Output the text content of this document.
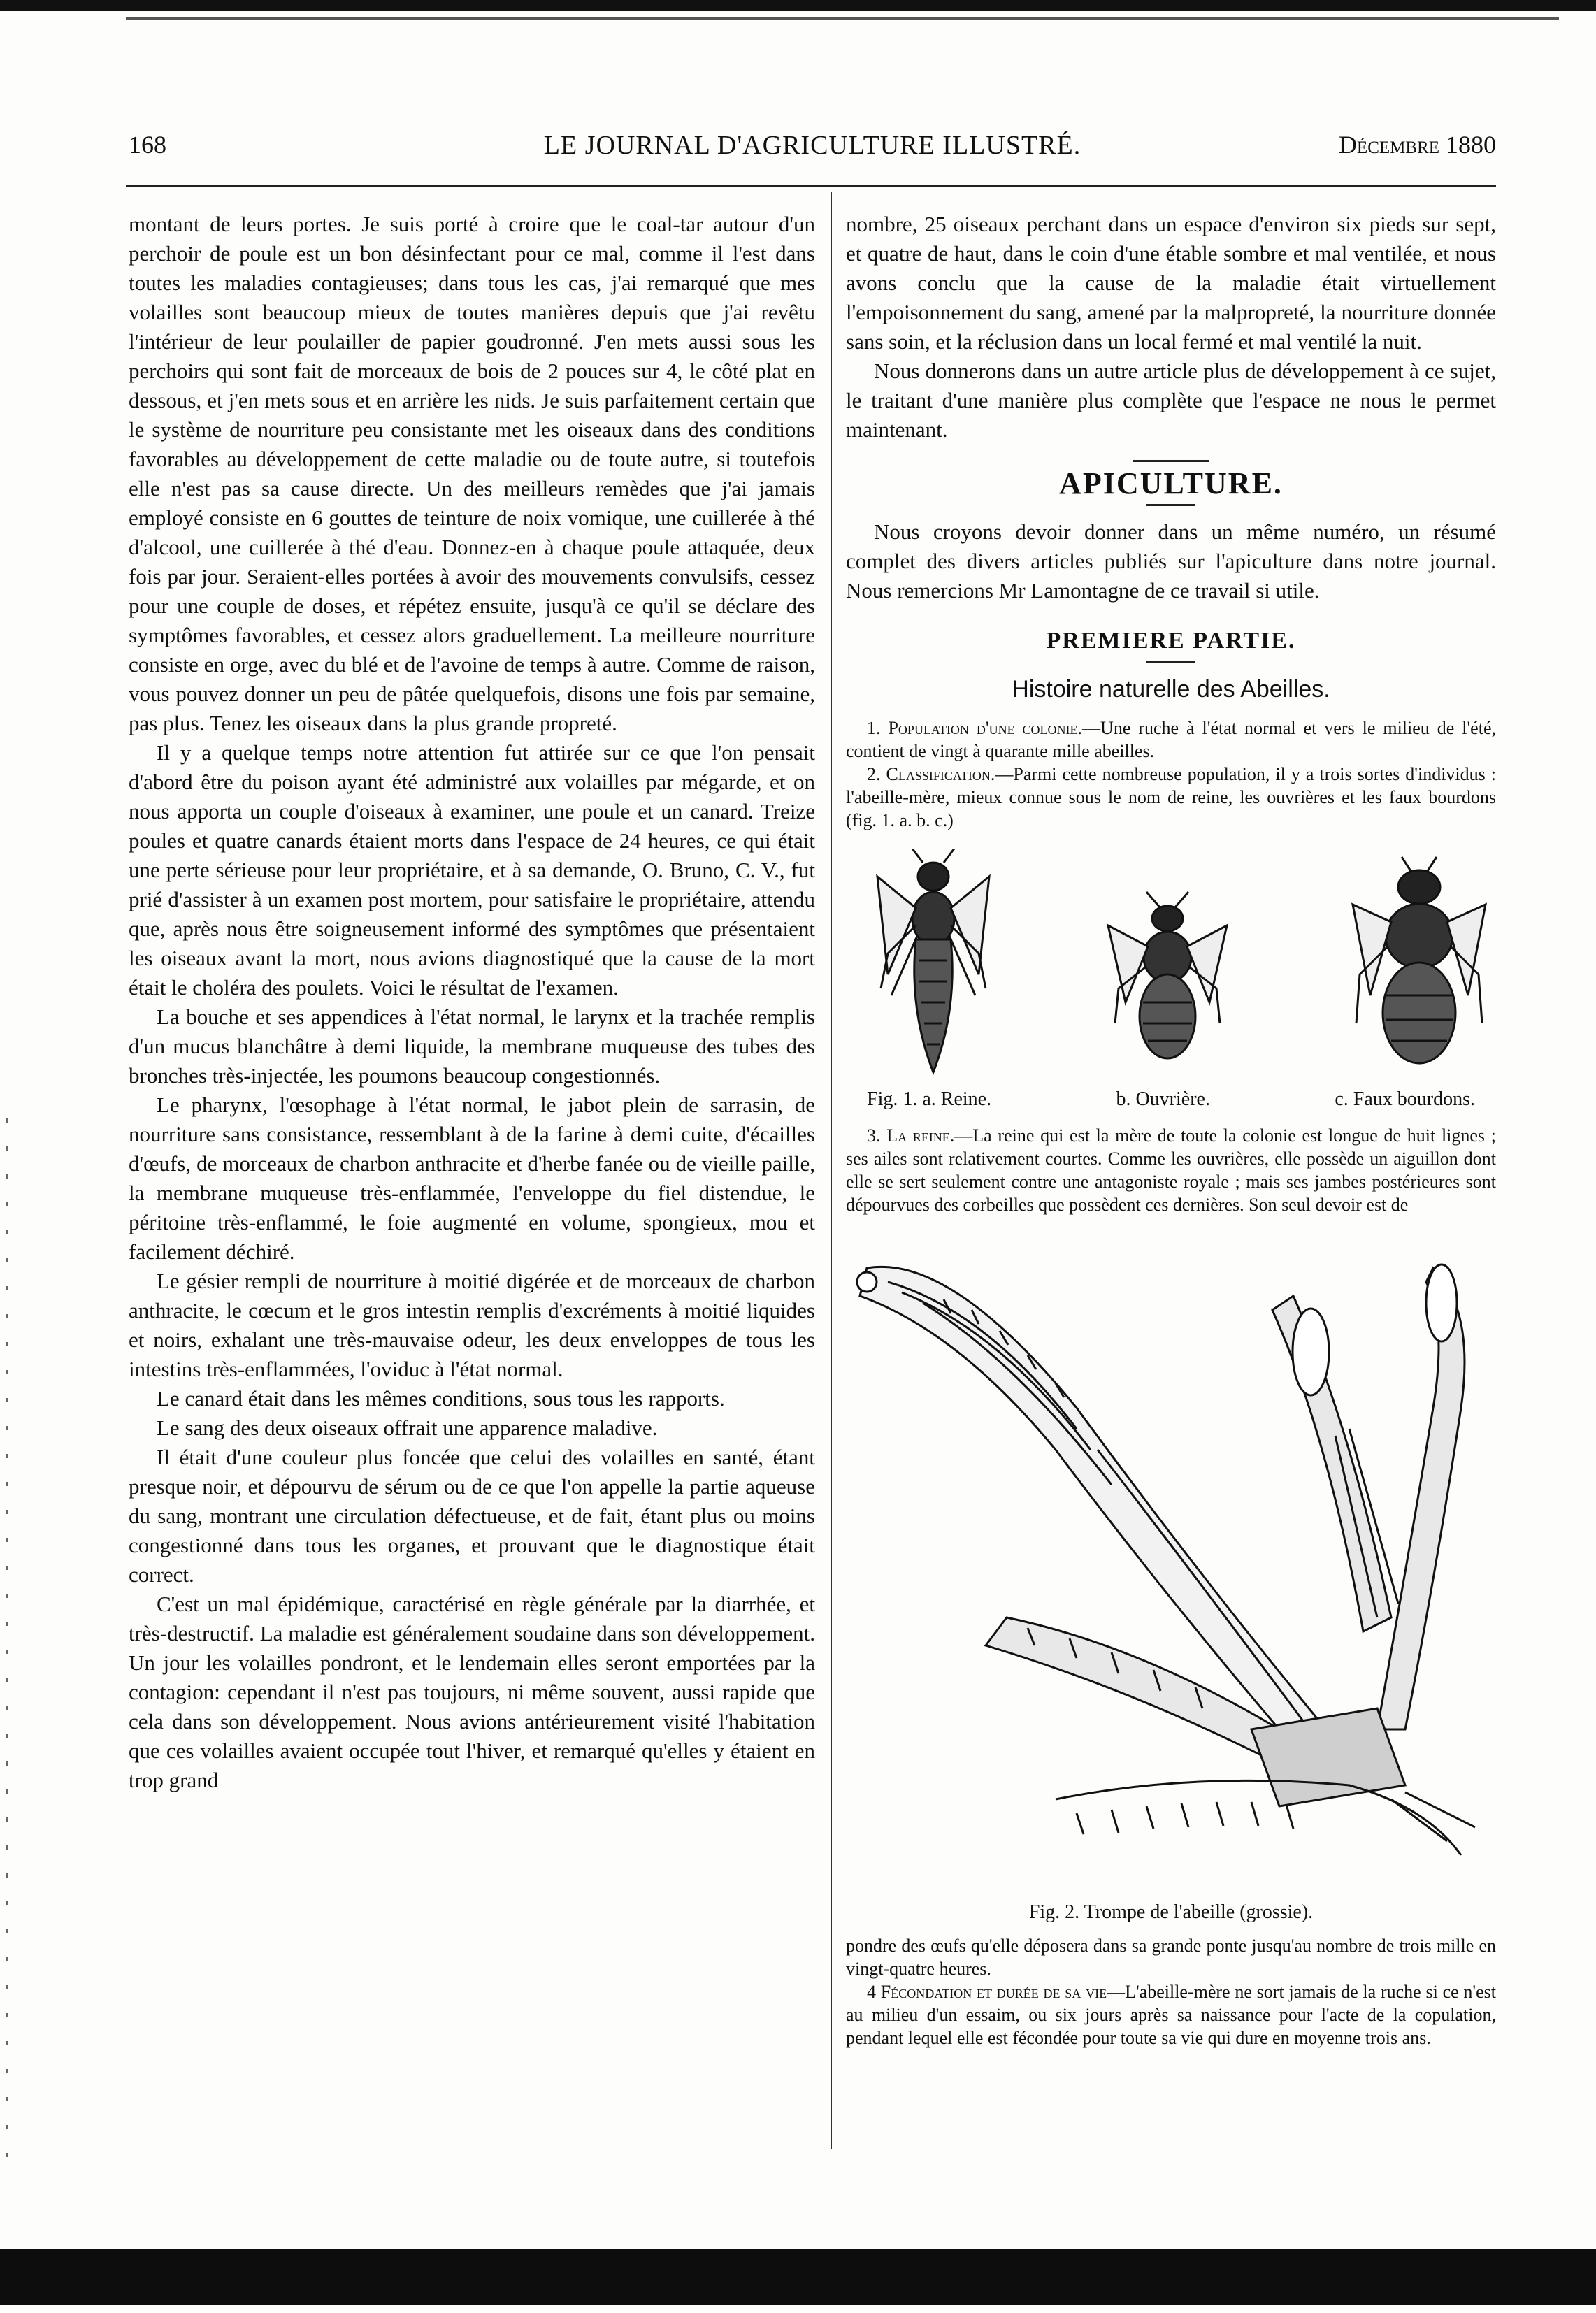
168	LE JOURNAL D'AGRICULTURE ILLUSTRÉ.	Décembre 1880

montant de leurs portes. Je suis porté à croire que le coal-tar autour d'un perchoir de poule est un bon désinfectant pour ce mal, comme il l'est dans toutes les maladies contagieuses; dans tous les cas, j'ai remarqué que mes volailles sont beaucoup mieux de toutes manières depuis que j'ai revêtu l'intérieur de leur poulailler de papier goudronné. J'en mets aussi sous les perchoirs qui sont fait de morceaux de bois de 2 pouces sur 4, le côté plat en dessous, et j'en mets sous et en arrière les nids. Je suis parfaitement certain que le système de nourriture peu consistante met les oiseaux dans des conditions favorables au développement de cette maladie ou de toute autre, si toutefois elle n'est pas sa cause directe. Un des meilleurs remèdes que j'ai jamais employé consiste en 6 gouttes de teinture de noix vomique, une cuillerée à thé d'alcool, une cuillerée à thé d'eau. Donnez-en à chaque poule attaquée, deux fois par jour. Seraient-elles portées à avoir des mouvements convulsifs, cessez pour une couple de doses, et répétez ensuite, jusqu'à ce qu'il se déclare des symptômes favorables, et cessez alors graduellement. La meilleure nourriture consiste en orge, avec du blé et de l'avoine de temps à autre. Comme de raison, vous pouvez donner un peu de pâtée quelquefois, disons une fois par semaine, pas plus. Tenez les oiseaux dans la plus grande propreté.

Il y a quelque temps notre attention fut attirée sur ce que l'on pensait d'abord être du poison ayant été administré aux volailles par mégarde, et on nous apporta un couple d'oiseaux à examiner, une poule et un canard. Treize poules et quatre canards étaient morts dans l'espace de 24 heures, ce qui était une perte sérieuse pour leur propriétaire, et à sa demande, O. Bruno, C. V., fut prié d'assister à un examen post mortem, pour satisfaire le propriétaire, attendu que, après nous être soigneusement informé des symptômes que présentaient les oiseaux avant la mort, nous avions diagnostiqué que la cause de la mort était le choléra des poulets. Voici le résultat de l'examen.

La bouche et ses appendices à l'état normal, le larynx et la trachée remplis d'un mucus blanchâtre à demi liquide, la membrane muqueuse des tubes des bronches très-injectée, les poumons beaucoup congestionnés.

Le pharynx, l'œsophage à l'état normal, le jabot plein de sarrasin, de nourriture sans consistance, ressemblant à de la farine à demi cuite, d'écailles d'œufs, de morceaux de charbon anthracite et d'herbe fanée ou de vieille paille, la membrane muqueuse très-enflammée, l'enveloppe du fiel distendue, le péritoine très-enflammé, le foie augmenté en volume, spongieux, mou et facilement déchiré.

Le gésier rempli de nourriture à moitié digérée et de morceaux de charbon anthracite, le cœcum et le gros intestin remplis d'excréments à moitié liquides et noirs, exhalant une très-mauvaise odeur, les deux enveloppes de tous les intestins très-enflammées, l'oviduc à l'état normal.

Le canard était dans les mêmes conditions, sous tous les rapports.

Le sang des deux oiseaux offrait une apparence maladive.

Il était d'une couleur plus foncée que celui des volailles en santé, étant presque noir, et dépourvu de sérum ou de ce que l'on appelle la partie aqueuse du sang, montrant une circulation défectueuse, et de fait, étant plus ou moins congestionné dans tous les organes, et prouvant que le diagnostique était correct.

C'est un mal épidémique, caractérisé en règle générale par la diarrhée, et très-destructif. La maladie est généralement soudaine dans son développement. Un jour les volailles pondront, et le lendemain elles seront emportées par la contagion: cependant il n'est pas toujours, ni même souvent, aussi rapide que cela dans son développement. Nous avions antérieurement visité l'habitation que ces volailles avaient occupée tout l'hiver, et remarqué qu'elles y étaient en trop grand

nombre, 25 oiseaux perchant dans un espace d'environ six pieds sur sept, et quatre de haut, dans le coin d'une étable sombre et mal ventilée, et nous avons conclu que la cause de la maladie était virtuellement l'empoisonnement du sang, amené par la malpropreté, la nourriture donnée sans soin, et la réclusion dans un local fermé et mal ventilé la nuit.

Nous donnerons dans un autre article plus de développement à ce sujet, le traitant d'une manière plus complète que l'espace ne nous le permet maintenant.

APICULTURE.

Nous croyons devoir donner dans un même numéro, un résumé complet des divers articles publiés sur l'apiculture dans notre journal. Nous remercions Mr Lamontagne de ce travail si utile.

PREMIERE PARTIE.
Histoire naturelle des Abeilles.

1. Population d'une colonie.—Une ruche à l'état normal et vers le milieu de l'été, contient de vingt à quarante mille abeilles.

2. Classification.—Parmi cette nombreuse population, il y a trois sortes d'individus : l'abeille-mère, mieux connue sous le nom de reine, les ouvrières et les faux bourdons (fig. 1. a. b. c.)

Fig. 1. a. Reine.	b. Ouvrière.	c. Faux bourdons.

3. La reine.—La reine qui est la mère de toute la colonie est longue de huit lignes ; ses ailes sont relativement courtes. Comme les ouvrières, elle possède un aiguillon dont elle se sert seulement contre une antagoniste royale ; mais ses jambes postérieures sont dépourvues des corbeilles que possèdent ces dernières. Son seul devoir est de

Fig. 2. Trompe de l'abeille (grossie).

pondre des œufs qu'elle déposera dans sa grande ponte jusqu'au nombre de trois mille en vingt-quatre heures.

4 Fécondation et durée de sa vie—L'abeille-mère ne sort jamais de la ruche si ce n'est au milieu d'un essaim, ou six jours après sa naissance pour l'acte de la copulation, pendant lequel elle est fécondée pour toute sa vie qui dure en moyenne trois ans.
